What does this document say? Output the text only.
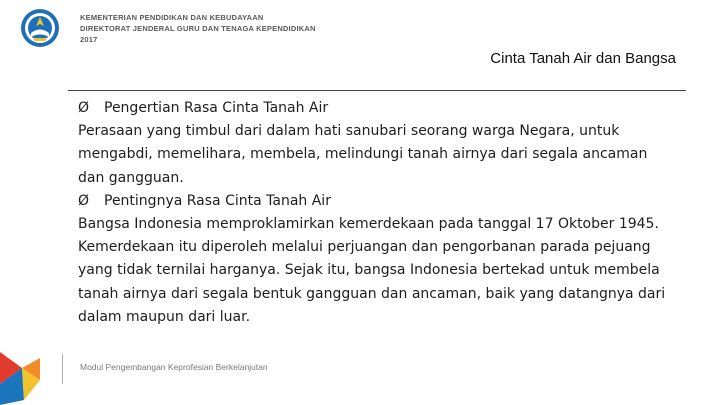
KEMENTERIAN PENDIDIKAN DAN KEBUDAYAAN
DIREKTORAT JENDERAL GURU DAN TENAGA KEPENDIDIKAN
2017
Cinta Tanah Air dan Bangsa
Ø	Pengertian Rasa Cinta Tanah Air

Perasaan yang timbul dari dalam hati sanubari seorang warga Negara, untuk

mengabdi, memelihara, membela, melindungi tanah airnya dari segala ancaman

dan gangguan.

Ø	Pentingnya Rasa Cinta Tanah Air

Bangsa Indonesia memproklamirkan kemerdekaan pada tanggal 17 Oktober 1945.

Kemerdekaan itu diperoleh melalui perjuangan dan pengorbanan parada pejuang

yang tidak ternilai harganya. Sejak itu, bangsa Indonesia bertekad untuk membela

tanah airnya dari segala bentuk gangguan dan ancaman, baik yang datangnya dari

dalam maupun dari luar.

Modul Pengembangan Keprofesian Berkelanjutan
